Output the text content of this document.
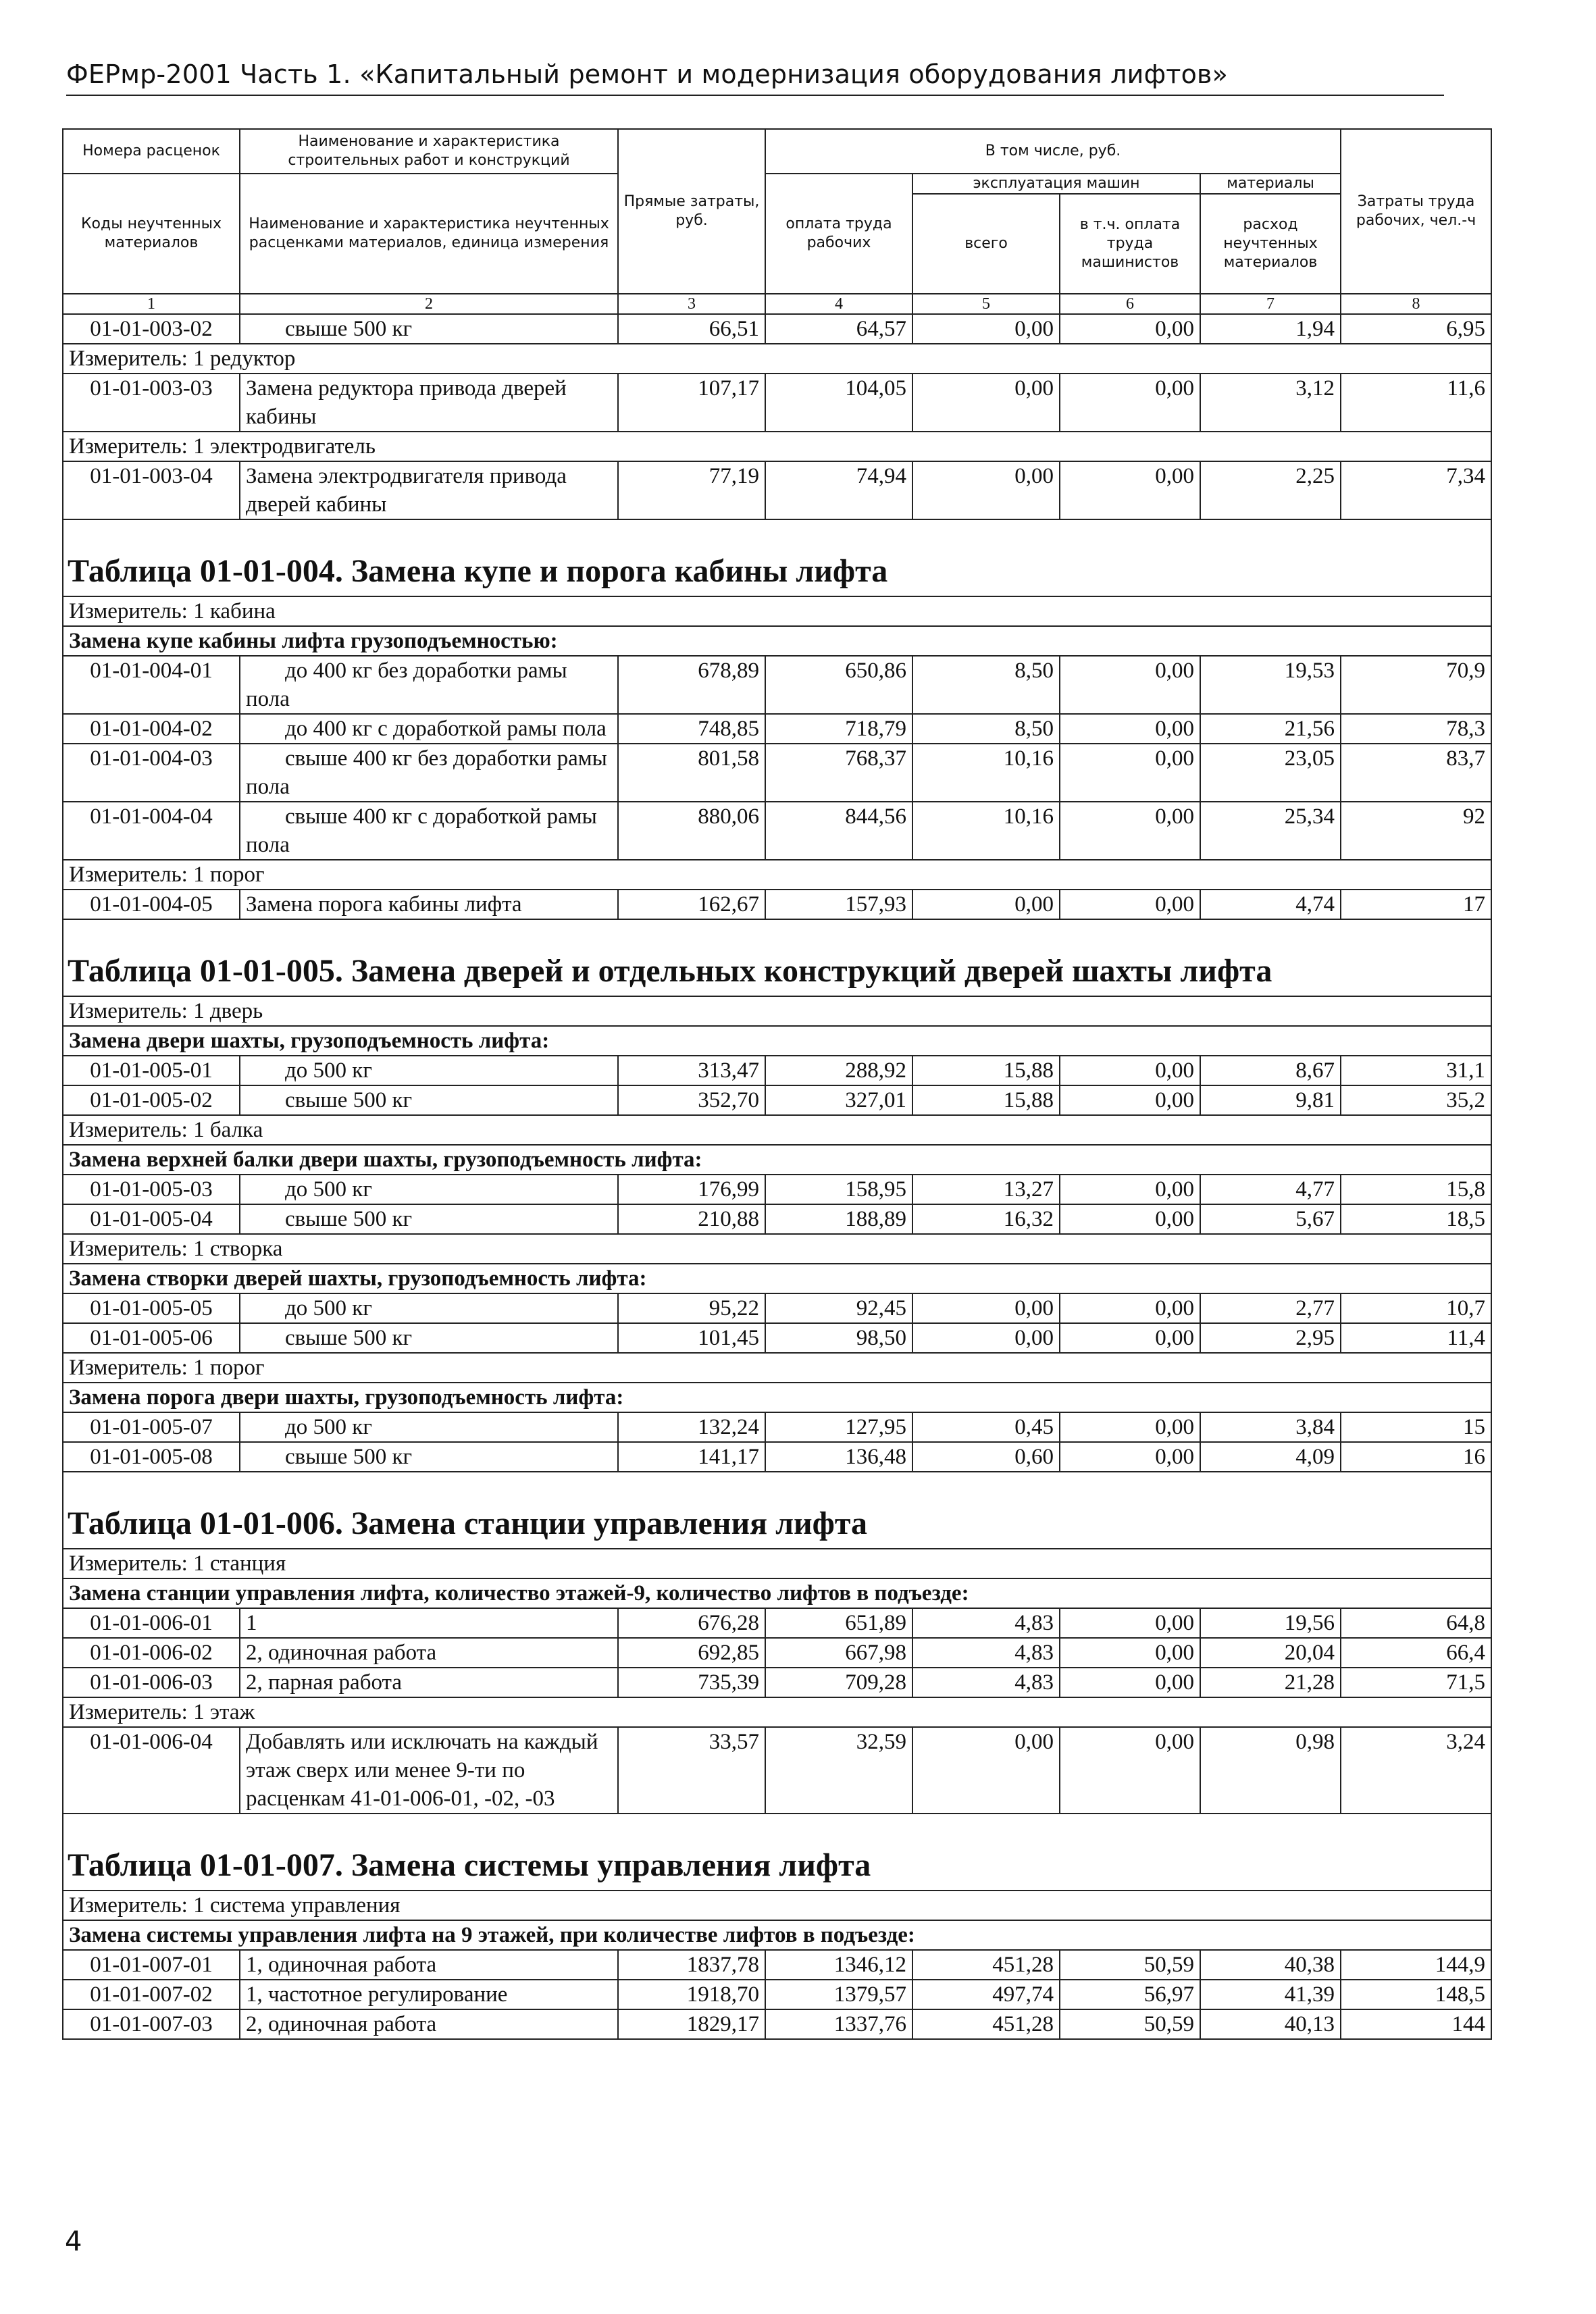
ФЕРмр-2001 Часть 1. «Капитальный ремонт и модернизация оборудования лифтов»
Номера расценок	Наименование и характеристика строительных работ и конструкций	Прямые затраты, руб.	В том числе, руб.				Затраты труда рабочих, чел.-ч
Коды неучтенных материалов	Наименование и характеристика неучтенных расценками материалов, единица измерения		оплата труда рабочих	эксплуатация машин		материалы	
				всего	в т.ч. оплата труда машинистов	расход неучтенных материалов	
1	2	3	4	5	6	7	8
01-01-003-02	свыше 500 кг	66,51	64,57	0,00	0,00	1,94	6,95
Измеритель: 1 редуктор							
01-01-003-03	Замена редуктора привода дверей кабины	107,17	104,05	0,00	0,00	3,12	11,6
Измеритель: 1 электродвигатель							
01-01-003-04	Замена электродвигателя привода дверей кабины	77,19	74,94	0,00	0,00	2,25	7,34

Таблица 01-01-004. Замена купе и порога кабины лифта							
Измеритель: 1 кабина							
Замена купе кабины лифта грузоподъемностью:							
01-01-004-01	до 400 кг без доработки рамы пола	678,89	650,86	8,50	0,00	19,53	70,9
01-01-004-02	до 400 кг с доработкой рамы пола	748,85	718,79	8,50	0,00	21,56	78,3
01-01-004-03	свыше 400 кг без доработки рамы пола	801,58	768,37	10,16	0,00	23,05	83,7
01-01-004-04	свыше 400 кг с доработкой рамы пола	880,06	844,56	10,16	0,00	25,34	92
Измеритель: 1 порог							
01-01-004-05	Замена порога кабины лифта	162,67	157,93	0,00	0,00	4,74	17

Таблица 01-01-005. Замена дверей и отдельных конструкций дверей шахты лифта							
Измеритель: 1 дверь							
Замена двери шахты, грузоподъемность лифта:							
01-01-005-01	до 500 кг	313,47	288,92	15,88	0,00	8,67	31,1
01-01-005-02	свыше 500 кг	352,70	327,01	15,88	0,00	9,81	35,2
Измеритель: 1 балка							
Замена верхней балки двери шахты, грузоподъемность лифта:							
01-01-005-03	до 500 кг	176,99	158,95	13,27	0,00	4,77	15,8
01-01-005-04	свыше 500 кг	210,88	188,89	16,32	0,00	5,67	18,5
Измеритель: 1 створка							
Замена створки дверей шахты, грузоподъемность лифта:							
01-01-005-05	до 500 кг	95,22	92,45	0,00	0,00	2,77	10,7
01-01-005-06	свыше 500 кг	101,45	98,50	0,00	0,00	2,95	11,4
Измеритель: 1 порог							
Замена порога двери шахты, грузоподъемность лифта:							
01-01-005-07	до 500 кг	132,24	127,95	0,45	0,00	3,84	15
01-01-005-08	свыше 500 кг	141,17	136,48	0,60	0,00	4,09	16

Таблица 01-01-006. Замена станции управления лифта							
Измеритель: 1 станция							
Замена станции управления лифта, количество этажей-9, количество лифтов в подъезде:							
01-01-006-01	1	676,28	651,89	4,83	0,00	19,56	64,8
01-01-006-02	2, одиночная работа	692,85	667,98	4,83	0,00	20,04	66,4
01-01-006-03	2, парная работа	735,39	709,28	4,83	0,00	21,28	71,5
Измеритель: 1 этаж							
01-01-006-04	Добавлять или исключать на каждый этаж сверх или менее 9-ти по расценкам 41-01-006-01, -02, -03	33,57	32,59	0,00	0,00	0,98	3,24

Таблица 01-01-007. Замена системы управления лифта							
Измеритель: 1 система управления							
Замена системы управления лифта на 9 этажей, при количестве лифтов в подъезде:							
01-01-007-01	1, одиночная работа	1837,78	1346,12	451,28	50,59	40,38	144,9
01-01-007-02	1, частотное регулирование	1918,70	1379,57	497,74	56,97	41,39	148,5
01-01-007-03	2, одиночная работа	1829,17	1337,76	451,28	50,59	40,13	144
4
